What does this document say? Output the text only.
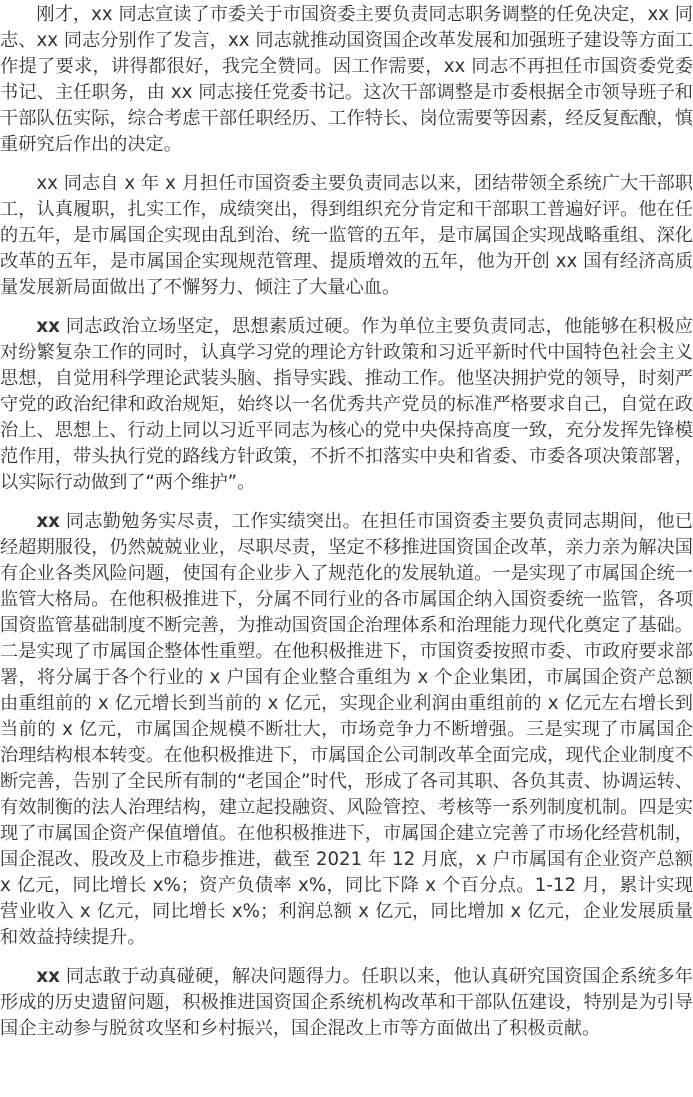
刚才，xx 同志宣读了市委关于市国资委主要负责同志职务调整的任免决定，xx 同志、xx 同志分别作了发言，xx 同志就推动国资国企改革发展和加强班子建设等方面工作提了要求，讲得都很好，我完全赞同。因工作需要，xx 同志不再担任市国资委党委书记、主任职务，由 xx 同志接任党委书记。这次干部调整是市委根据全市领导班子和干部队伍实际，综合考虑干部任职经历、工作特长、岗位需要等因素，经反复酝酿，慎重研究后作出的决定。

xx 同志自 x 年 x 月担任市国资委主要负责同志以来，团结带领全系统广大干部职工，认真履职，扎实工作，成绩突出，得到组织充分肯定和干部职工普遍好评。他在任的五年，是市属国企实现由乱到治、统一监管的五年，是市属国企实现战略重组、深化改革的五年，是市属国企实现规范管理、提质增效的五年，他为开创 xx 国有经济高质量发展新局面做出了不懈努力、倾注了大量心血。

xx 同志政治立场坚定，思想素质过硬。作为单位主要负责同志，他能够在积极应对纷繁复杂工作的同时，认真学习党的理论方针政策和习近平新时代中国特色社会主义思想，自觉用科学理论武装头脑、指导实践、推动工作。他坚决拥护党的领导，时刻严守党的政治纪律和政治规矩，始终以一名优秀共产党员的标准严格要求自己，自觉在政治上、思想上、行动上同以习近平同志为核心的党中央保持高度一致，充分发挥先锋模范作用，带头执行党的路线方针政策，不折不扣落实中央和省委、市委各项决策部署，以实际行动做到了“两个维护”。

xx 同志勤勉务实尽责，工作实绩突出。在担任市国资委主要负责同志期间，他已经超期服役，仍然兢兢业业，尽职尽责，坚定不移推进国资国企改革，亲力亲为解决国有企业各类风险问题，使国有企业步入了规范化的发展轨道。一是实现了市属国企统一监管大格局。在他积极推进下，分属不同行业的各市属国企纳入国资委统一监管，各项国资监管基础制度不断完善，为推动国资国企治理体系和治理能力现代化奠定了基础。二是实现了市属国企整体性重塑。在他积极推进下，市国资委按照市委、市政府要求部署，将分属于各个行业的 x 户国有企业整合重组为 x 个企业集团，市属国企资产总额由重组前的 x 亿元增长到当前的 x 亿元，实现企业利润由重组前的 x 亿元左右增长到当前的 x 亿元，市属国企规模不断壮大，市场竞争力不断增强。三是实现了市属国企治理结构根本转变。在他积极推进下，市属国企公司制改革全面完成，现代企业制度不断完善，告别了全民所有制的“老国企”时代，形成了各司其职、各负其责、协调运转、有效制衡的法人治理结构，建立起投融资、风险管控、考核等一系列制度机制。四是实现了市属国企资产保值增值。在他积极推进下，市属国企建立完善了市场化经营机制，国企混改、股改及上市稳步推进，截至 2021 年 12 月底，x 户市属国有企业资产总额 x 亿元，同比增长 x%；资产负债率 x%，同比下降 x 个百分点。1-12 月，累计实现营业收入 x 亿元，同比增长 x%；利润总额 x 亿元，同比增加 x 亿元，企业发展质量和效益持续提升。

xx 同志敢于动真碰硬，解决问题得力。任职以来，他认真研究国资国企系统多年形成的历史遗留问题，积极推进国资国企系统机构改革和干部队伍建设，特别是为引导国企主动参与脱贫攻坚和乡村振兴，国企混改上市等方面做出了积极贡献。
